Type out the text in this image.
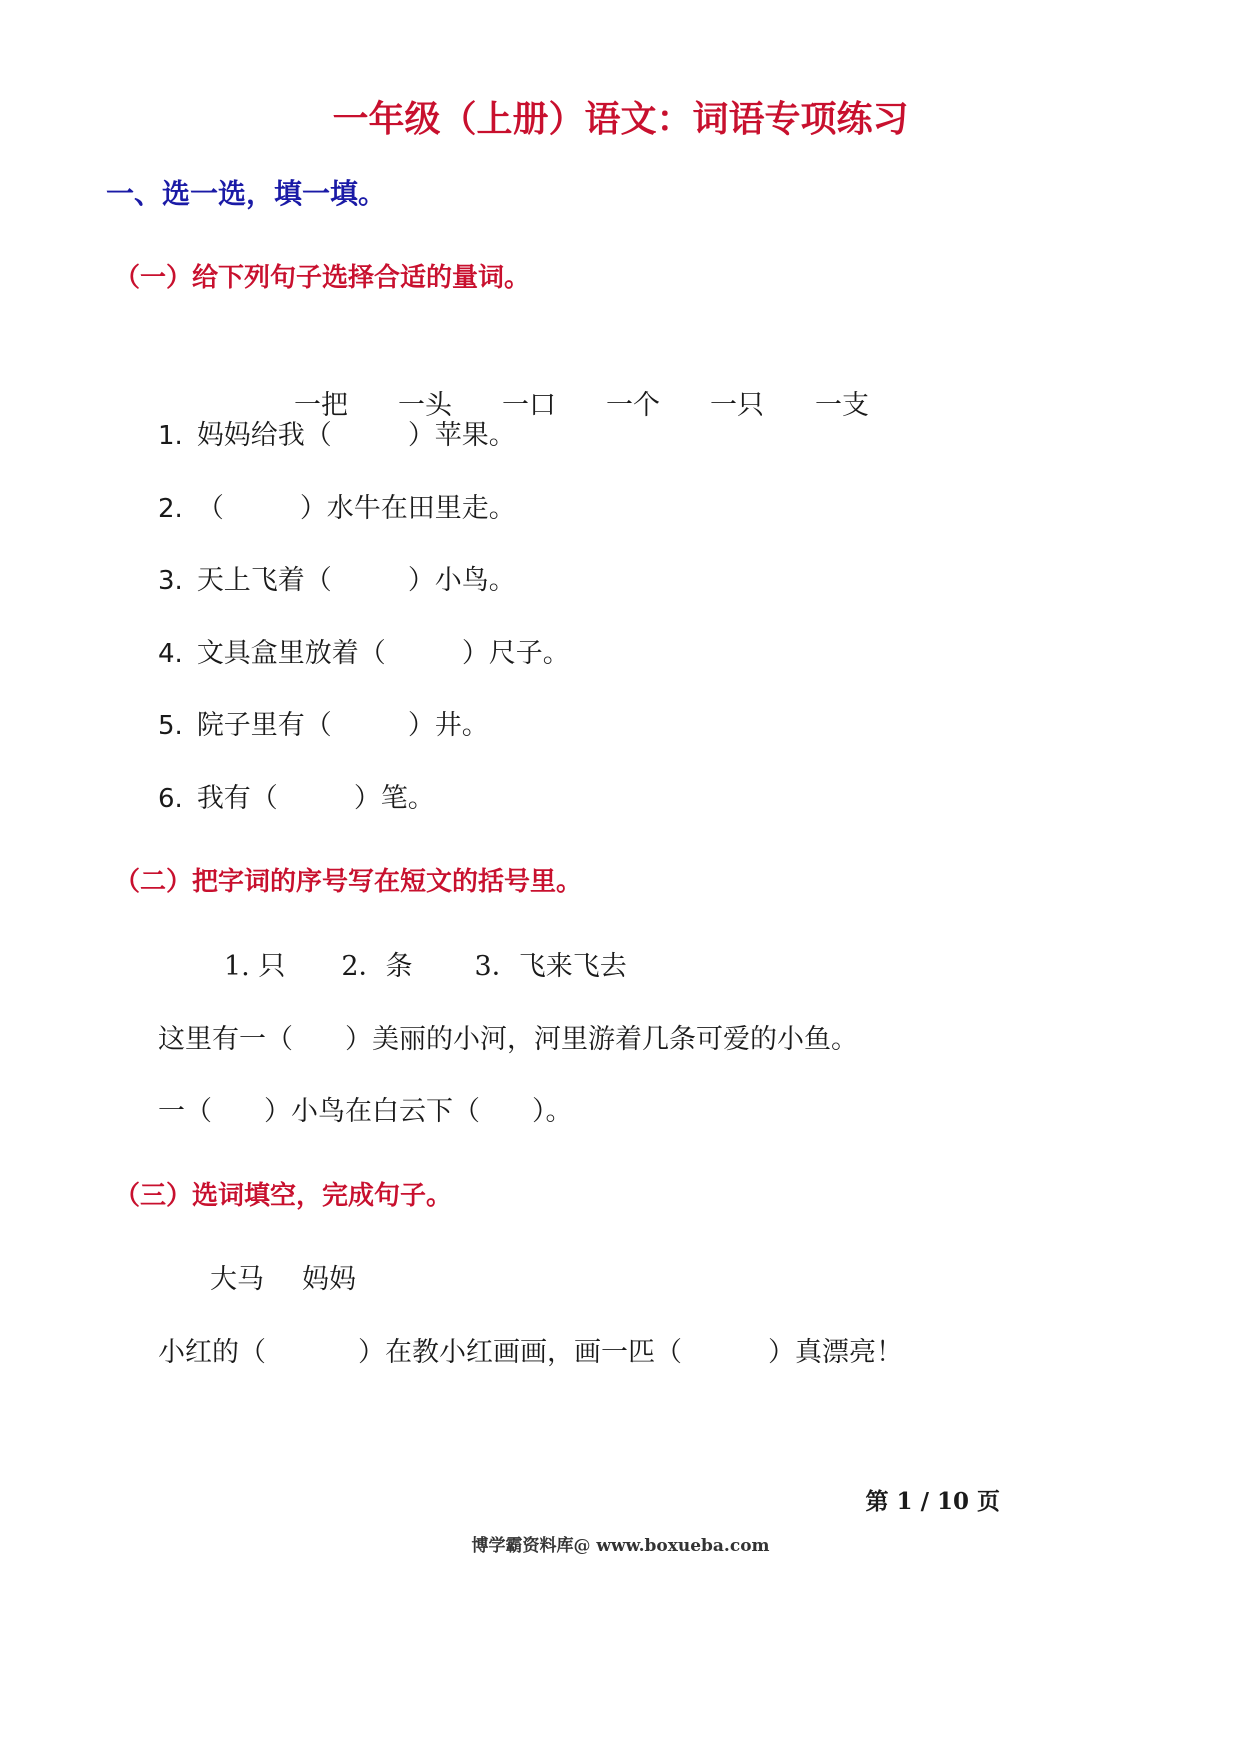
一年级（上册）语文：词语专项练习
一、选一选，填一填。
（一）给下列句子选择合适的量词。
一把 一头 一口 一个 一只 一支
1. 妈妈给我（	）苹果。
2. （	）水牛在田里走。
3. 天上飞着（	）小鸟。
4. 文具盒里放着（	）尺子。
5. 院子里有（	）井。
6. 我有（	）笔。
（二）把字词的序号写在短文的括号里。
1. 只 2．条 3．飞来飞去
这里有一（ ）美丽的小河，河里游着几条可爱的小鱼。
一（ ）小鸟在白云下（ ）。
（三）选词填空，完成句子。
大马 妈妈
小红的（	）在教小红画画，画一匹（	）真漂亮！
第 1 / 10 页
博学霸资料库@ www.boxueba.com
